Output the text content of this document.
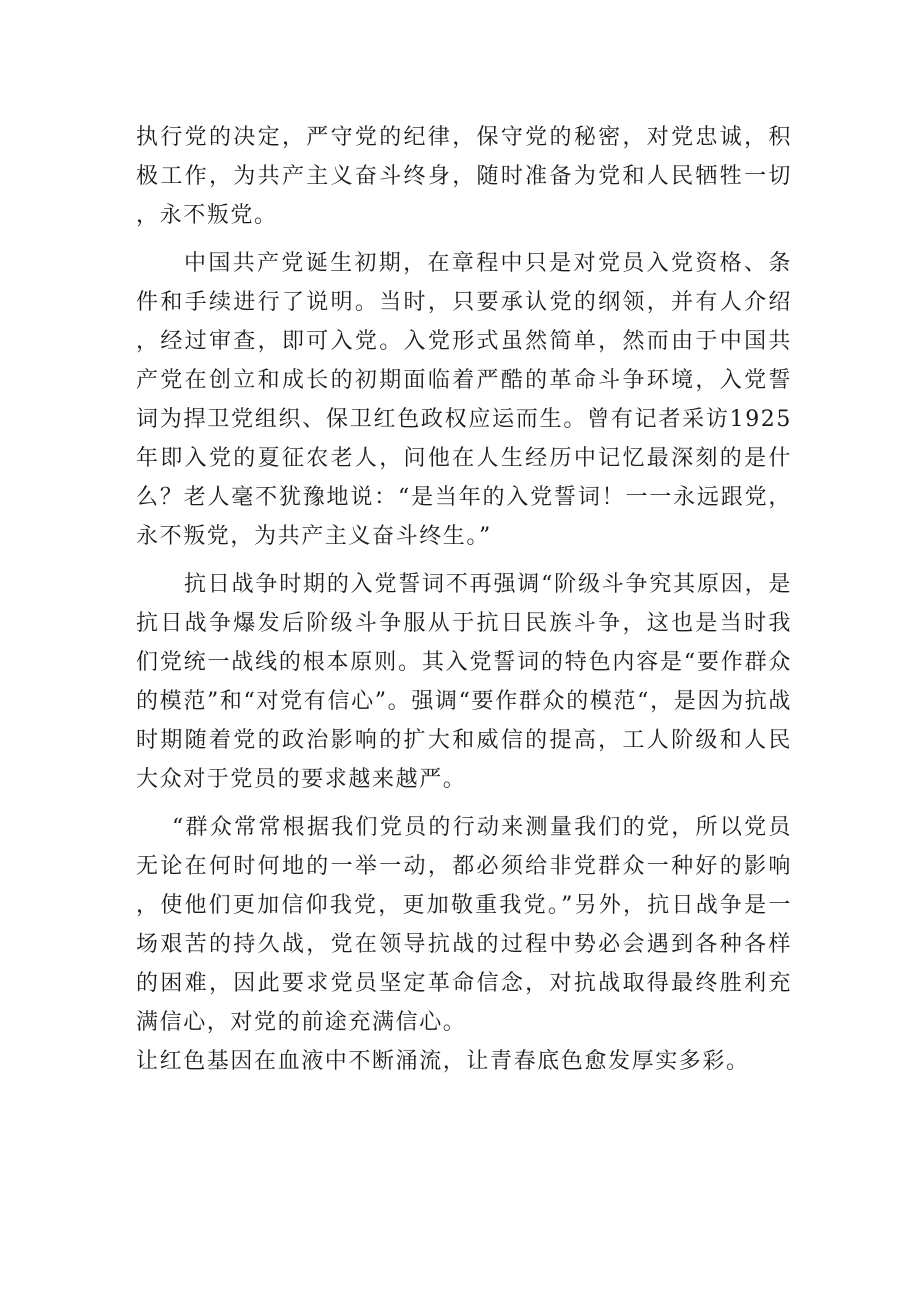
执行党的决定，严守党的纪律，保守党的秘密，对党忠诚，积极工作，为共产主义奋斗终身，随时准备为党和人民牺牲一切，永不叛党。

中国共产党诞生初期，在章程中只是对党员入党资格、条件和手续进行了说明。当时，只要承认党的纲领，并有人介绍，经过审查，即可入党。入党形式虽然简单，然而由于中国共产党在创立和成长的初期面临着严酷的革命斗争环境，入党誓词为捍卫党组织、保卫红色政权应运而生。曾有记者采访1925年即入党的夏征农老人，问他在人生经历中记忆最深刻的是什么？老人毫不犹豫地说：“是当年的入党誓词！一一永远跟党，永不叛党，为共产主义奋斗终生。”

抗日战争时期的入党誓词不再强调“阶级斗争究其原因，是抗日战争爆发后阶级斗争服从于抗日民族斗争，这也是当时我们党统一战线的根本原则。其入党誓词的特色内容是“要作群众的模范”和“对党有信心”。强调“要作群众的模范“，是因为抗战时期随着党的政治影响的扩大和威信的提高，工人阶级和人民大众对于党员的要求越来越严。

“群众常常根据我们党员的行动来测量我们的党，所以党员无论在何时何地的一举一动，都必须给非党群众一种好的影响，使他们更加信仰我党，更加敬重我党。”另外，抗日战争是一场艰苦的持久战，党在领导抗战的过程中势必会遇到各种各样的困难，因此要求党员坚定革命信念，对抗战取得最终胜利充满信心，对党的前途充满信心。

让红色基因在血液中不断涌流，让青春底色愈发厚实多彩。
